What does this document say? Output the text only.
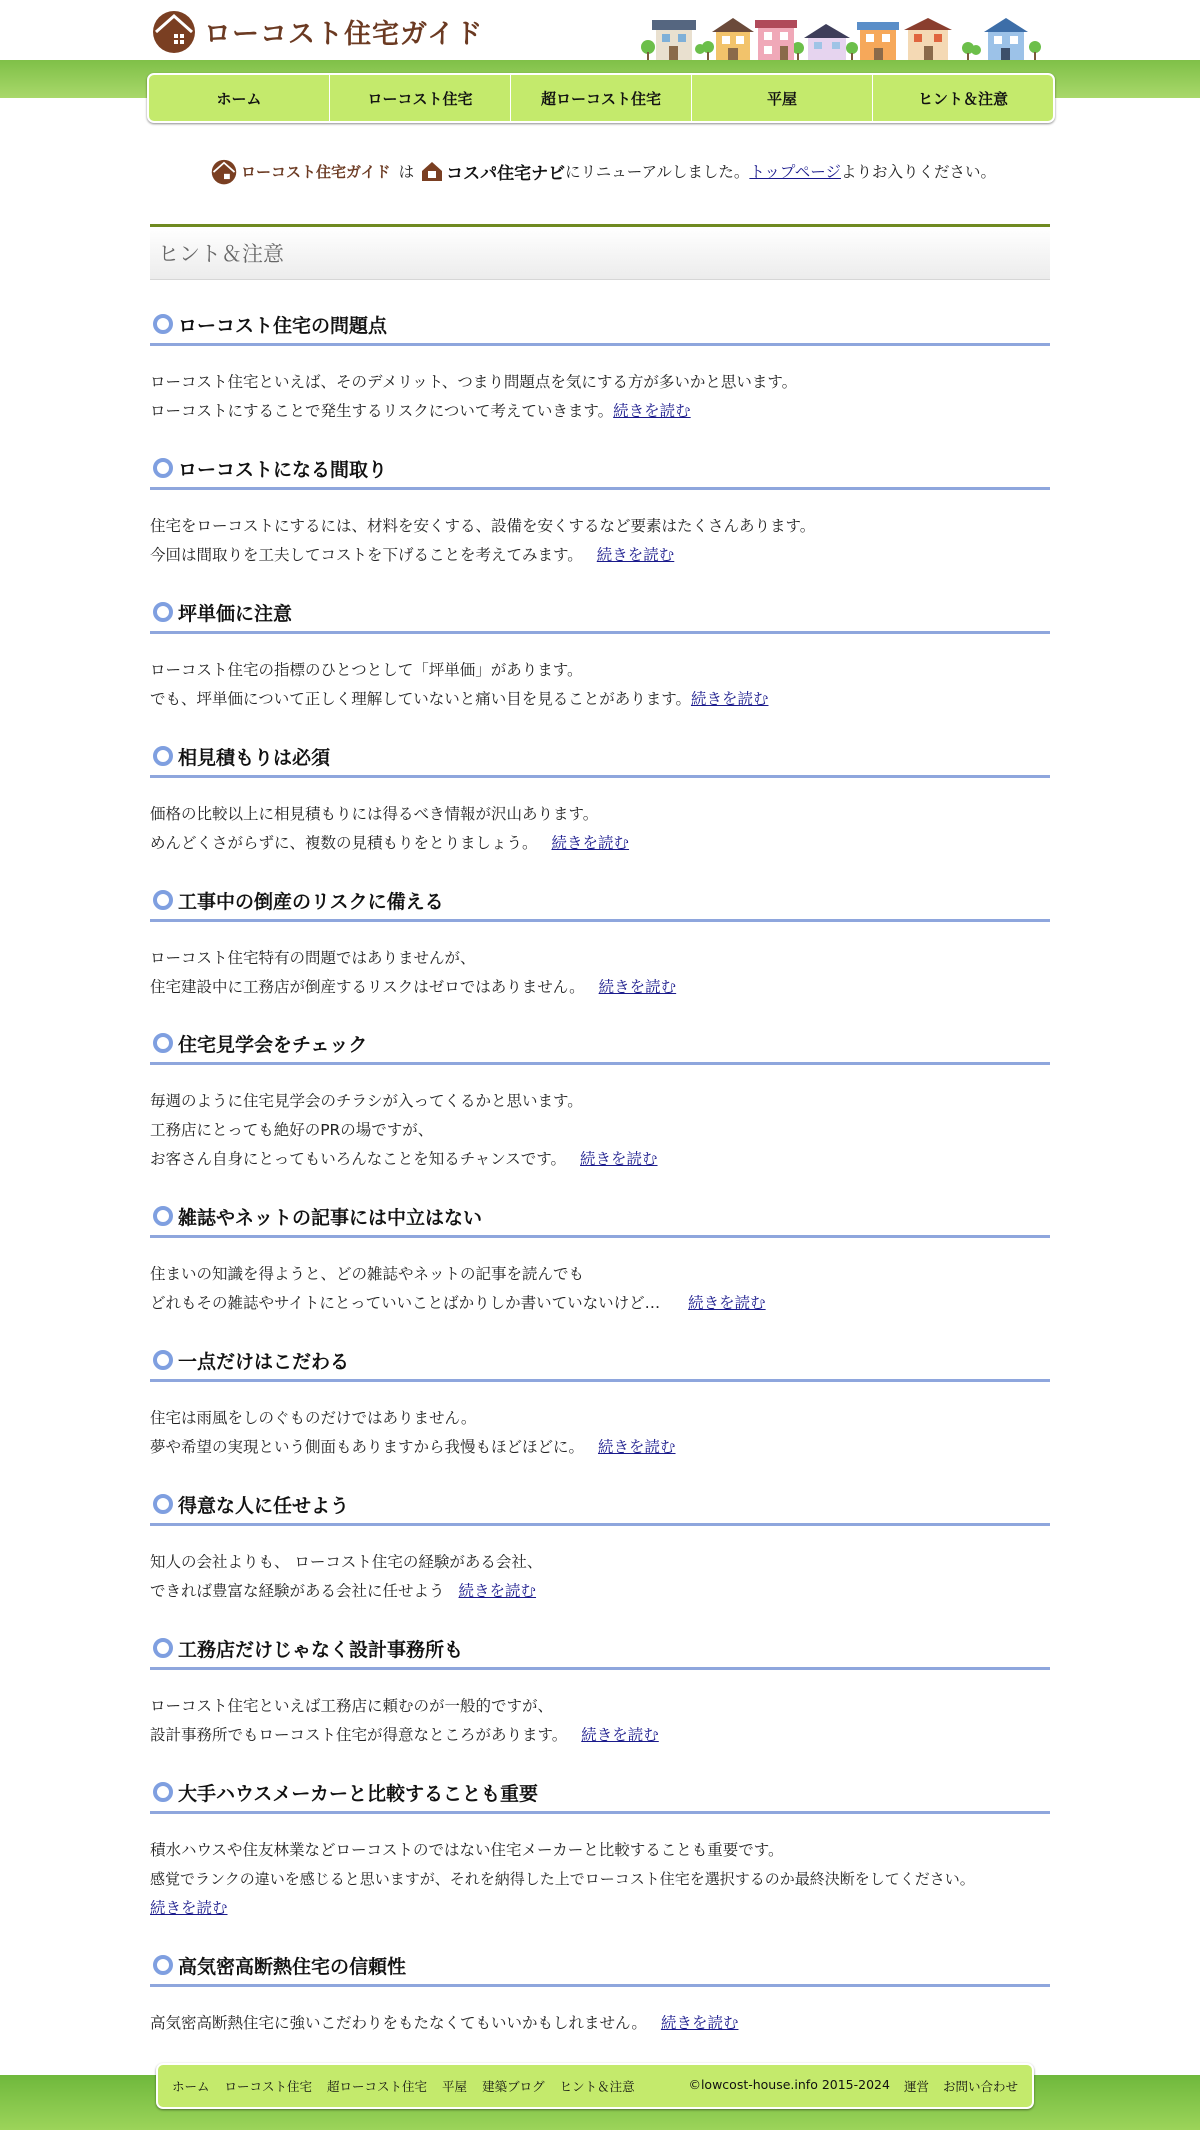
ローコスト住宅ガイド
ホーム	ローコスト住宅	超ローコスト住宅	平屋	ヒント＆注意
ローコスト住宅ガイド は コスパ住宅ナビ にリニューアルしました。 トップページ よりお入りください。
ヒント＆注意
ローコスト住宅の問題点
ローコスト住宅といえば、そのデメリット、つまり問題点を気にする方が多いかと思います。
ローコストにすることで発生するリスクについて考えていきます。続きを読む
ローコストになる間取り
住宅をローコストにするには、材料を安くする、設備を安くするなど要素はたくさんあります。
今回は間取りを工夫してコストを下げることを考えてみます。 続きを読む
坪単価に注意
ローコスト住宅の指標のひとつとして「坪単価」があります。
でも、坪単価について正しく理解していないと痛い目を見ることがあります。続きを読む
相見積もりは必須
価格の比較以上に相見積もりには得るべき情報が沢山あります。
めんどくさがらずに、複数の見積もりをとりましょう。 続きを読む
工事中の倒産のリスクに備える
ローコスト住宅特有の問題ではありませんが、
住宅建設中に工務店が倒産するリスクはゼロではありません。 続きを読む
住宅見学会をチェック
毎週のように住宅見学会のチラシが入ってくるかと思います。
工務店にとっても絶好のPRの場ですが、
お客さん自身にとってもいろんなことを知るチャンスです。 続きを読む
雑誌やネットの記事には中立はない
住まいの知識を得ようと、どの雑誌やネットの記事を読んでも
どれもその雑誌やサイトにとっていいことばかりしか書いていないけど… 続きを読む
一点だけはこだわる
住宅は雨風をしのぐものだけではありません。
夢や希望の実現という側面もありますから我慢もほどほどに。 続きを読む
得意な人に任せよう
知人の会社よりも、 ローコスト住宅の経験がある会社、
できれば豊富な経験がある会社に任せよう 続きを読む
工務店だけじゃなく設計事務所も
ローコスト住宅といえば工務店に頼むのが一般的ですが、
設計事務所でもローコスト住宅が得意なところがあります。 続きを読む
大手ハウスメーカーと比較することも重要
積水ハウスや住友林業などローコストのではない住宅メーカーと比較することも重要です。
感覚でランクの違いを感じると思いますが、それを納得した上でローコスト住宅を選択するのか最終決断をしてください。
続きを読む
高気密高断熱住宅の信頼性
高気密高断熱住宅に強いこだわりをもたなくてもいいかもしれません。 続きを読む
ホーム ローコスト住宅 超ローコスト住宅 平屋 建築ブログ ヒント＆注意	©lowcost-house.info 2015-2024 運営 お問い合わせ
